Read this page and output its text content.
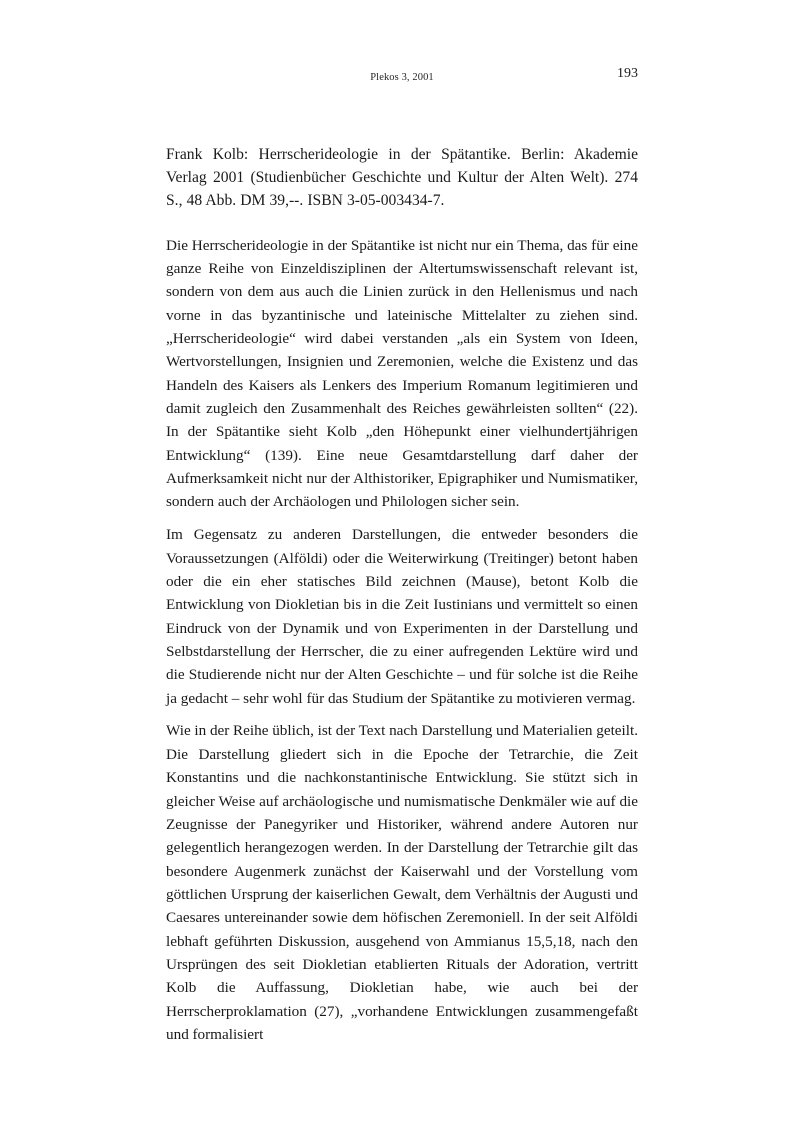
Plekos 3, 2001	193
Frank Kolb: Herrscherideologie in der Spätantike. Berlin: Akademie Verlag 2001 (Studienbücher Geschichte und Kultur der Alten Welt). 274 S., 48 Abb. DM 39,--. ISBN 3-05-003434-7.

Die Herrscherideologie in der Spätantike ist nicht nur ein Thema, das für eine ganze Reihe von Einzeldisziplinen der Altertumswissenschaft relevant ist, sondern von dem aus auch die Linien zurück in den Hellenismus und nach vorne in das byzantinische und lateinische Mittelalter zu ziehen sind. „Herrscherideologie“ wird dabei verstanden „als ein System von Ideen, Wertvorstellungen, Insignien und Zeremonien, welche die Existenz und das Handeln des Kaisers als Lenkers des Imperium Romanum legitimieren und damit zugleich den Zusammenhalt des Reiches gewährleisten sollten“ (22). In der Spätantike sieht Kolb „den Höhepunkt einer vielhundertjährigen Entwicklung“ (139). Eine neue Gesamtdarstellung darf daher der Aufmerksamkeit nicht nur der Althistoriker, Epigraphiker und Numismatiker, sondern auch der Archäologen und Philologen sicher sein.

Im Gegensatz zu anderen Darstellungen, die entweder besonders die Voraussetzungen (Alföldi) oder die Weiterwirkung (Treitinger) betont haben oder die ein eher statisches Bild zeichnen (Mause), betont Kolb die Entwicklung von Diokletian bis in die Zeit Iustinians und vermittelt so einen Eindruck von der Dynamik und von Experimenten in der Darstellung und Selbstdarstellung der Herrscher, die zu einer aufregenden Lektüre wird und die Studierende nicht nur der Alten Geschichte – und für solche ist die Reihe ja gedacht – sehr wohl für das Studium der Spätantike zu motivieren vermag.

Wie in der Reihe üblich, ist der Text nach Darstellung und Materialien geteilt. Die Darstellung gliedert sich in die Epoche der Tetrarchie, die Zeit Konstantins und die nachkonstantinische Entwicklung. Sie stützt sich in gleicher Weise auf archäologische und numismatische Denkmäler wie auf die Zeugnisse der Panegyriker und Historiker, während andere Autoren nur gelegentlich herangezogen werden. In der Darstellung der Tetrarchie gilt das besondere Augenmerk zunächst der Kaiserwahl und der Vorstellung vom göttlichen Ursprung der kaiserlichen Gewalt, dem Verhältnis der Augusti und Caesares untereinander sowie dem höfischen Zeremoniell. In der seit Alföldi lebhaft geführten Diskussion, ausgehend von Ammianus 15,5,18, nach den Ursprüngen des seit Diokletian etablierten Rituals der Adoration, vertritt Kolb die Auffassung, Diokletian habe, wie auch bei der Herrscherproklamation (27), „vorhandene Entwicklungen zusammengefaßt und formalisiert
